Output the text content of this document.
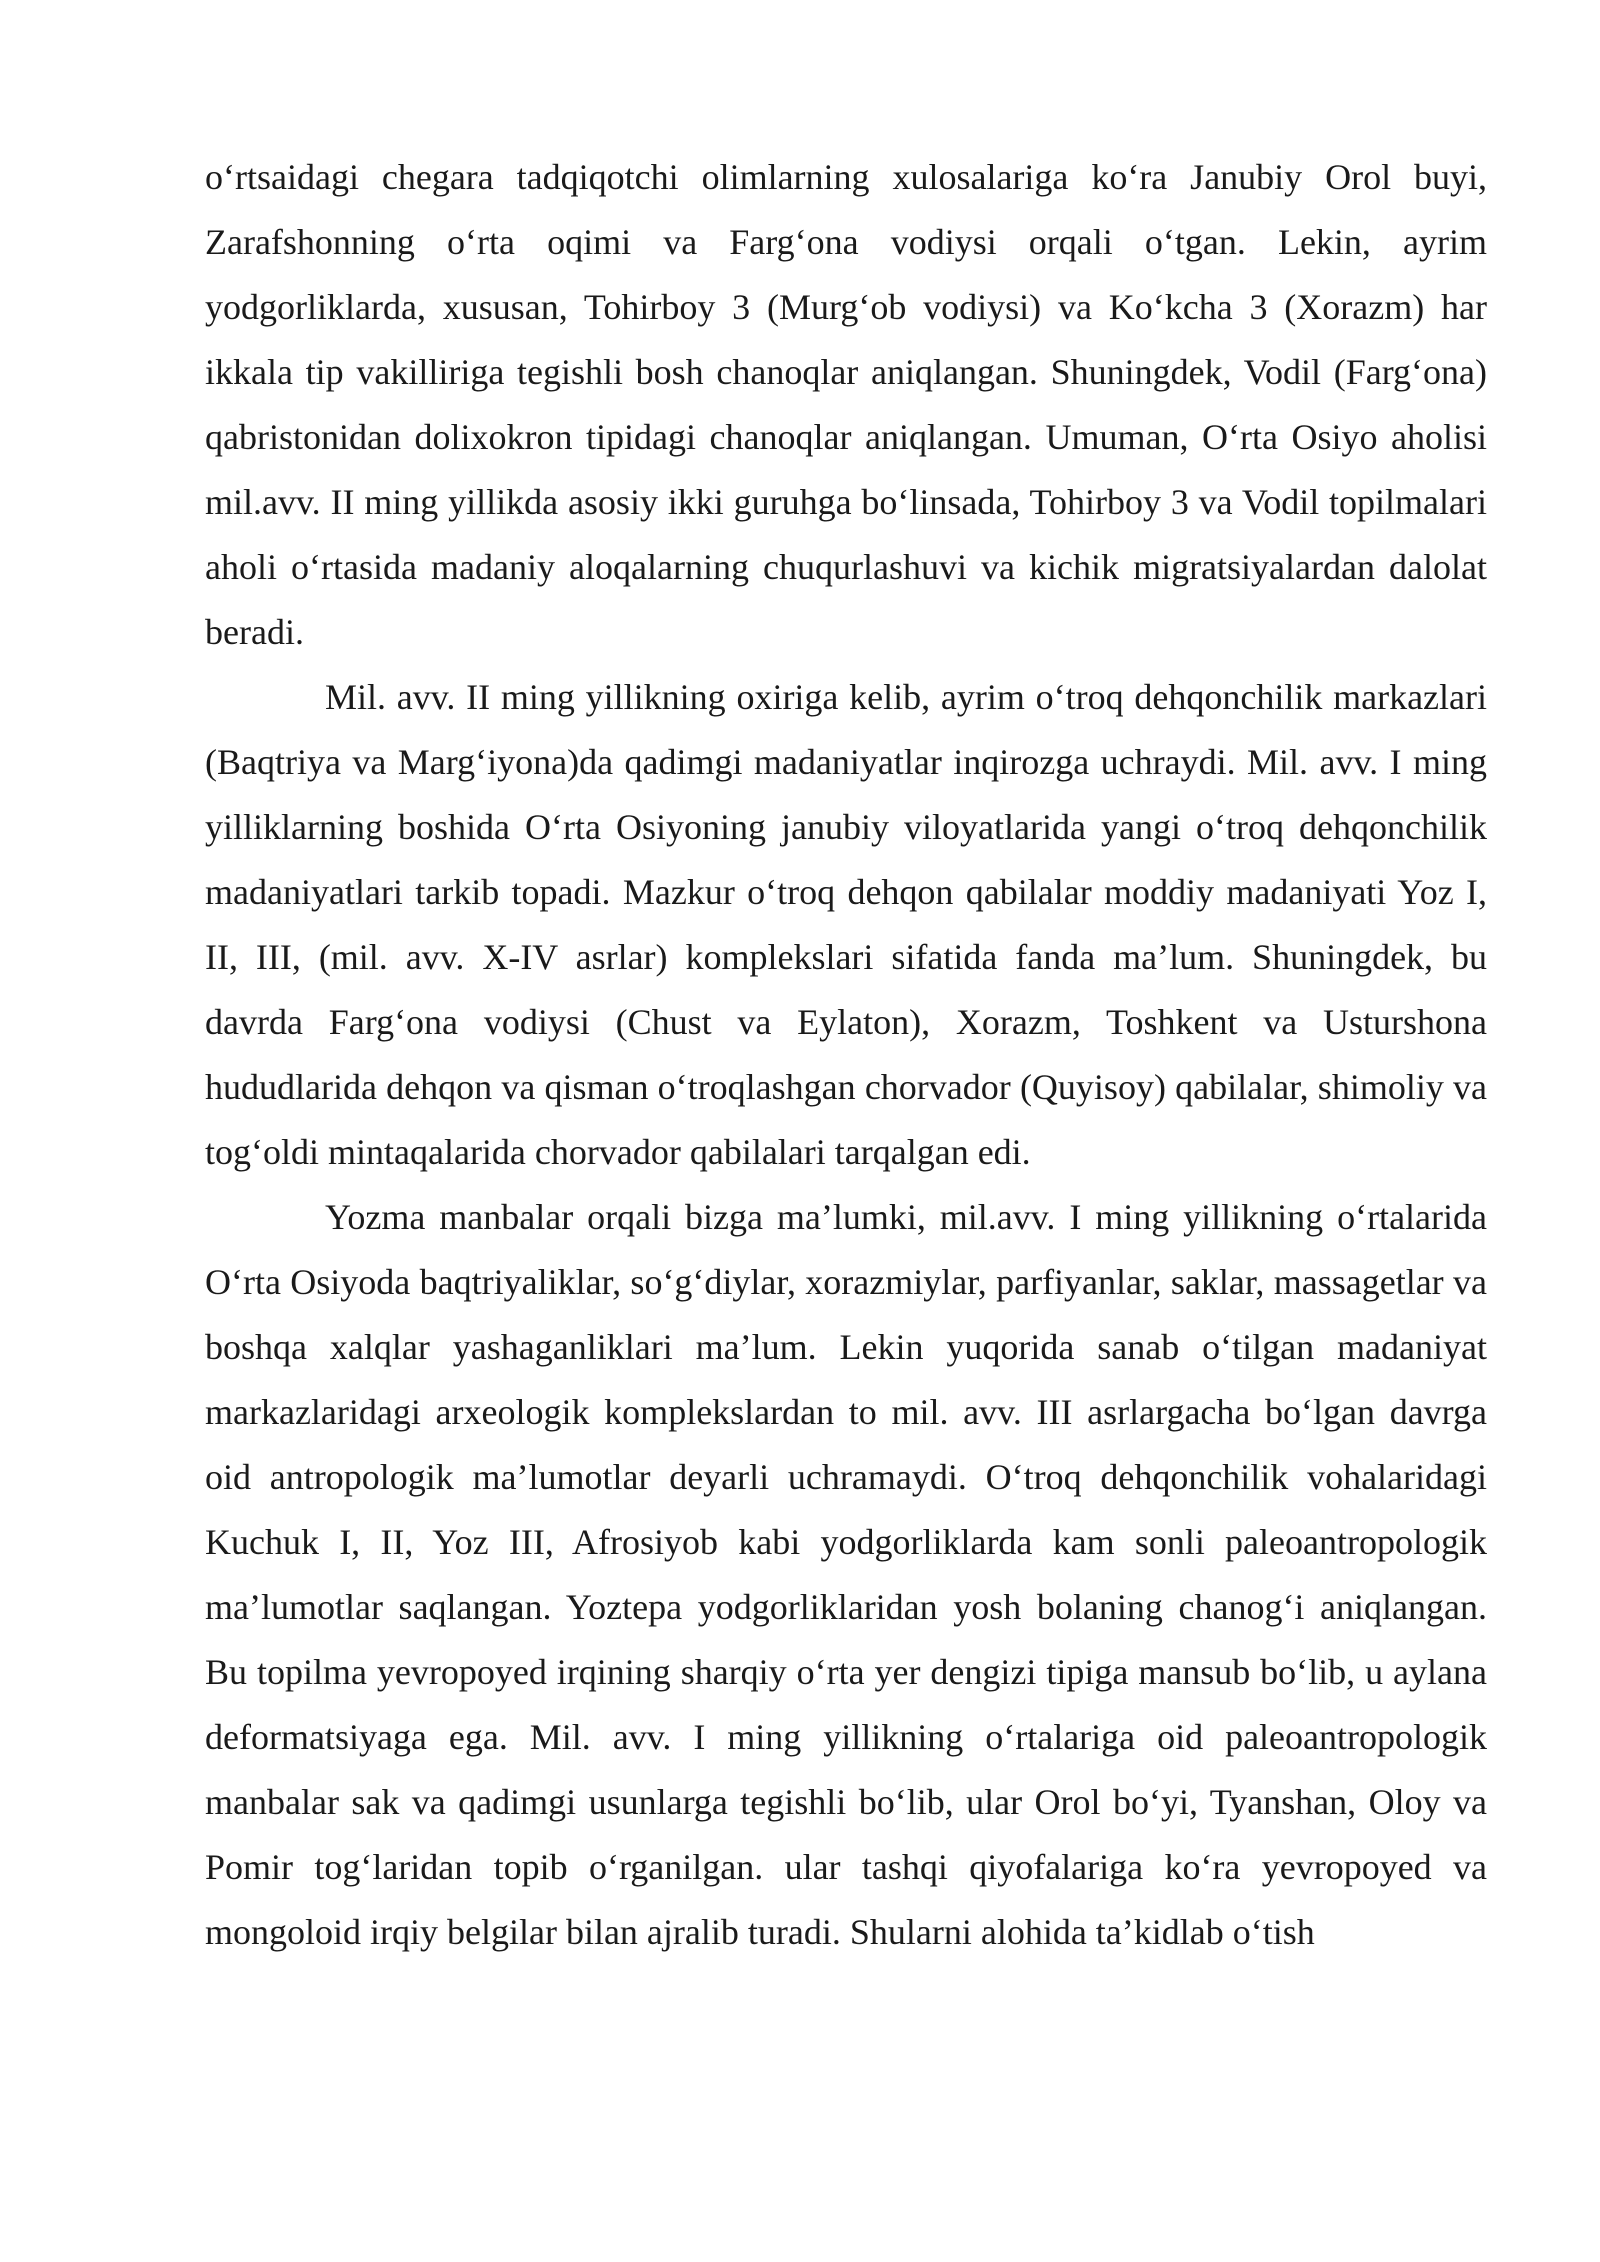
o‘rtsaidagi chegara tadqiqotchi olimlarning xulosalariga ko‘ra Janubiy Orol buyi, Zarafshonning o‘rta oqimi va Farg‘ona vodiysi orqali o‘tgan. Lekin, ayrim yodgorliklarda, xususan, Tohirboy 3 (Murg‘ob vodiysi) va Ko‘kcha 3 (Xorazm) har ikkala tip vakilliriga tegishli bosh chanoqlar aniqlangan. Shuningdek, Vodil (Farg‘ona) qabristonidan dolixokron tipidagi chanoqlar aniqlangan. Umuman, O‘rta Osiyo aholisi mil.avv. II ming yillikda asosiy ikki guruhga bo‘linsada, Tohirboy 3 va Vodil topilmalari aholi o‘rtasida madaniy aloqalarning chuqurlashuvi va kichik migratsiyalardan dalolat beradi.

Mil. avv. II ming yillikning oxiriga kelib, ayrim o‘troq dehqonchilik markazlari (Baqtriya va Marg‘iyona)da qadimgi madaniyatlar inqirozga uchraydi. Mil. avv. I ming yilliklarning boshida O‘rta Osiyoning janubiy viloyatlarida yangi o‘troq dehqonchilik madaniyatlari tarkib topadi. Mazkur o‘troq dehqon qabilalar moddiy madaniyati Yoz I, II, III, (mil. avv. X-IV asrlar) komplekslari sifatida fanda ma’lum. Shuningdek, bu davrda Farg‘ona vodiysi (Chust va Eylaton), Xorazm, Toshkent va Usturshona hududlarida dehqon va qisman o‘troqlashgan chorvador (Quyisoy) qabilalar, shimoliy va tog‘oldi mintaqalarida chorvador qabilalari tarqalgan edi.

Yozma manbalar orqali bizga ma’lumki, mil.avv. I ming yillikning o‘rtalarida O‘rta Osiyoda baqtriyaliklar, so‘g‘diylar, xorazmiylar, parfiyanlar, saklar, massagetlar va boshqa xalqlar yashaganliklari ma’lum. Lekin yuqorida sanab o‘tilgan madaniyat markazlaridagi arxeologik komplekslardan to mil. avv. III asrlargacha bo‘lgan davrga oid antropologik ma’lumotlar deyarli uchramaydi. O‘troq dehqonchilik vohalaridagi Kuchuk I, II, Yoz III, Afrosiyob kabi yodgorliklarda kam sonli paleoantropologik ma’lumotlar saqlangan. Yoztepa yodgorliklaridan yosh bolaning chanog‘i aniqlangan. Bu topilma yevropoyed irqining sharqiy o‘rta yer dengizi tipiga mansub bo‘lib, u aylana deformatsiyaga ega. Mil. avv. I ming yillikning o‘rtalariga oid paleoantropologik manbalar sak va qadimgi usunlarga tegishli bo‘lib, ular Orol bo‘yi, Tyanshan, Oloy va Pomir tog‘laridan topib o‘rganilgan. ular tashqi qiyofalariga ko‘ra yevropoyed va mongoloid irqiy belgilar bilan ajralib turadi. Shularni alohida ta’kidlab o‘tish
